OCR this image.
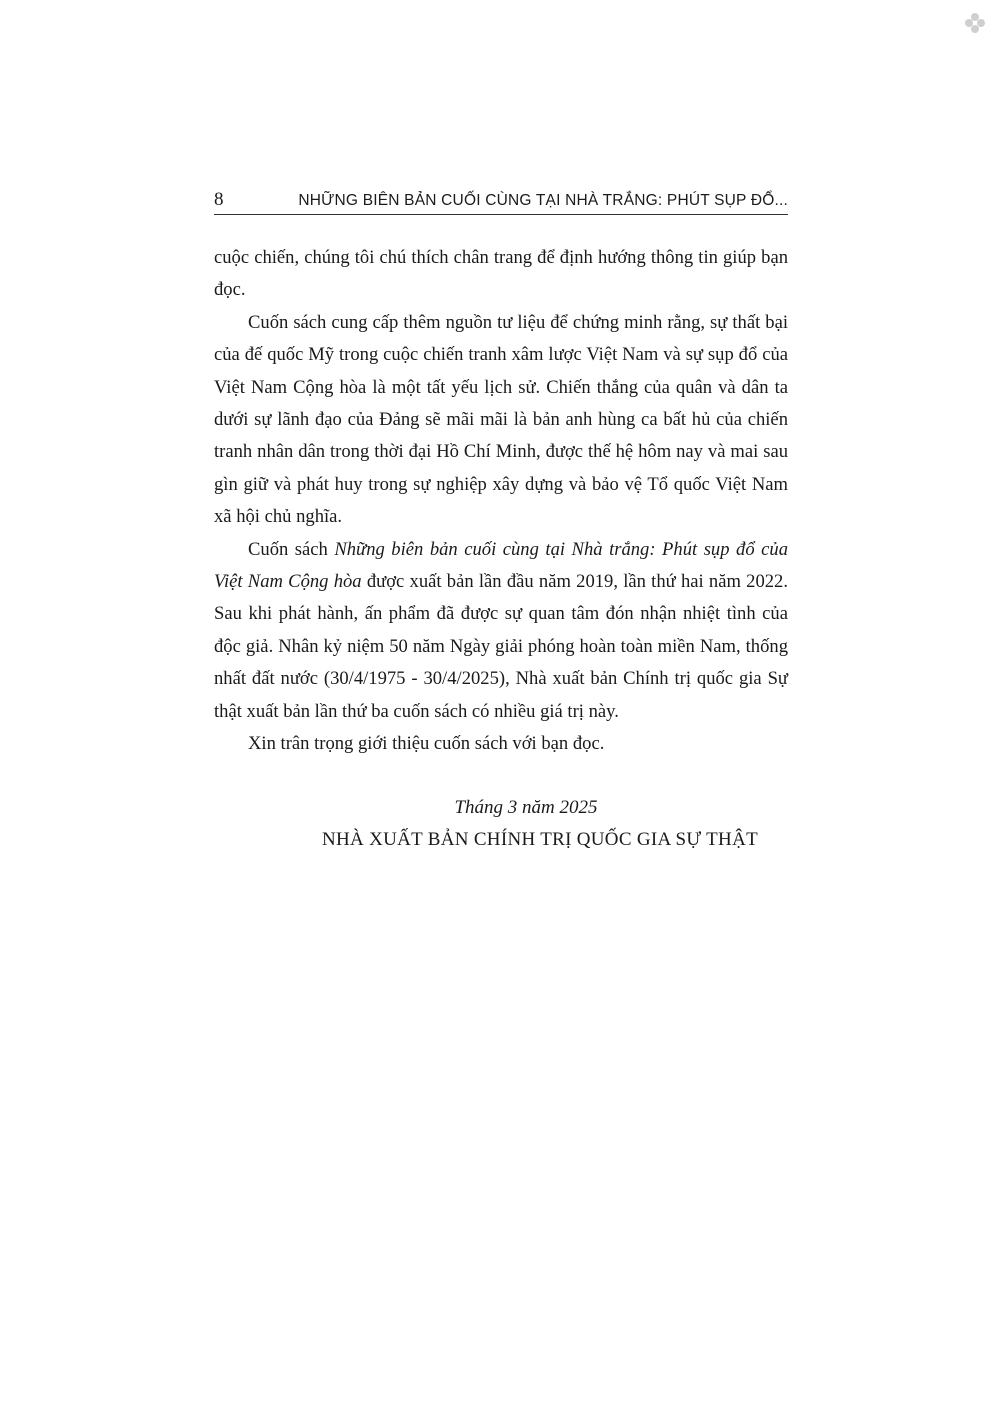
8	NHỮNG BIÊN BẢN CUỐI CÙNG TẠI NHÀ TRẮNG: PHÚT SỤP ĐỔ...

cuộc chiến, chúng tôi chú thích chân trang để định hướng thông tin giúp bạn đọc.

Cuốn sách cung cấp thêm nguồn tư liệu để chứng minh rằng, sự thất bại của đế quốc Mỹ trong cuộc chiến tranh xâm lược Việt Nam và sự sụp đổ của Việt Nam Cộng hòa là một tất yếu lịch sử. Chiến thắng của quân và dân ta dưới sự lãnh đạo của Đảng sẽ mãi mãi là bản anh hùng ca bất hủ của chiến tranh nhân dân trong thời đại Hồ Chí Minh, được thế hệ hôm nay và mai sau gìn giữ và phát huy trong sự nghiệp xây dựng và bảo vệ Tổ quốc Việt Nam xã hội chủ nghĩa.

Cuốn sách Những biên bản cuối cùng tại Nhà trắng: Phút sụp đổ của Việt Nam Cộng hòa được xuất bản lần đầu năm 2019, lần thứ hai năm 2022. Sau khi phát hành, ấn phẩm đã được sự quan tâm đón nhận nhiệt tình của độc giả. Nhân kỷ niệm 50 năm Ngày giải phóng hoàn toàn miền Nam, thống nhất đất nước (30/4/1975 - 30/4/2025), Nhà xuất bản Chính trị quốc gia Sự thật xuất bản lần thứ ba cuốn sách có nhiều giá trị này.

Xin trân trọng giới thiệu cuốn sách với bạn đọc.

Tháng 3 năm 2025
NHÀ XUẤT BẢN CHÍNH TRỊ QUỐC GIA SỰ THẬT
